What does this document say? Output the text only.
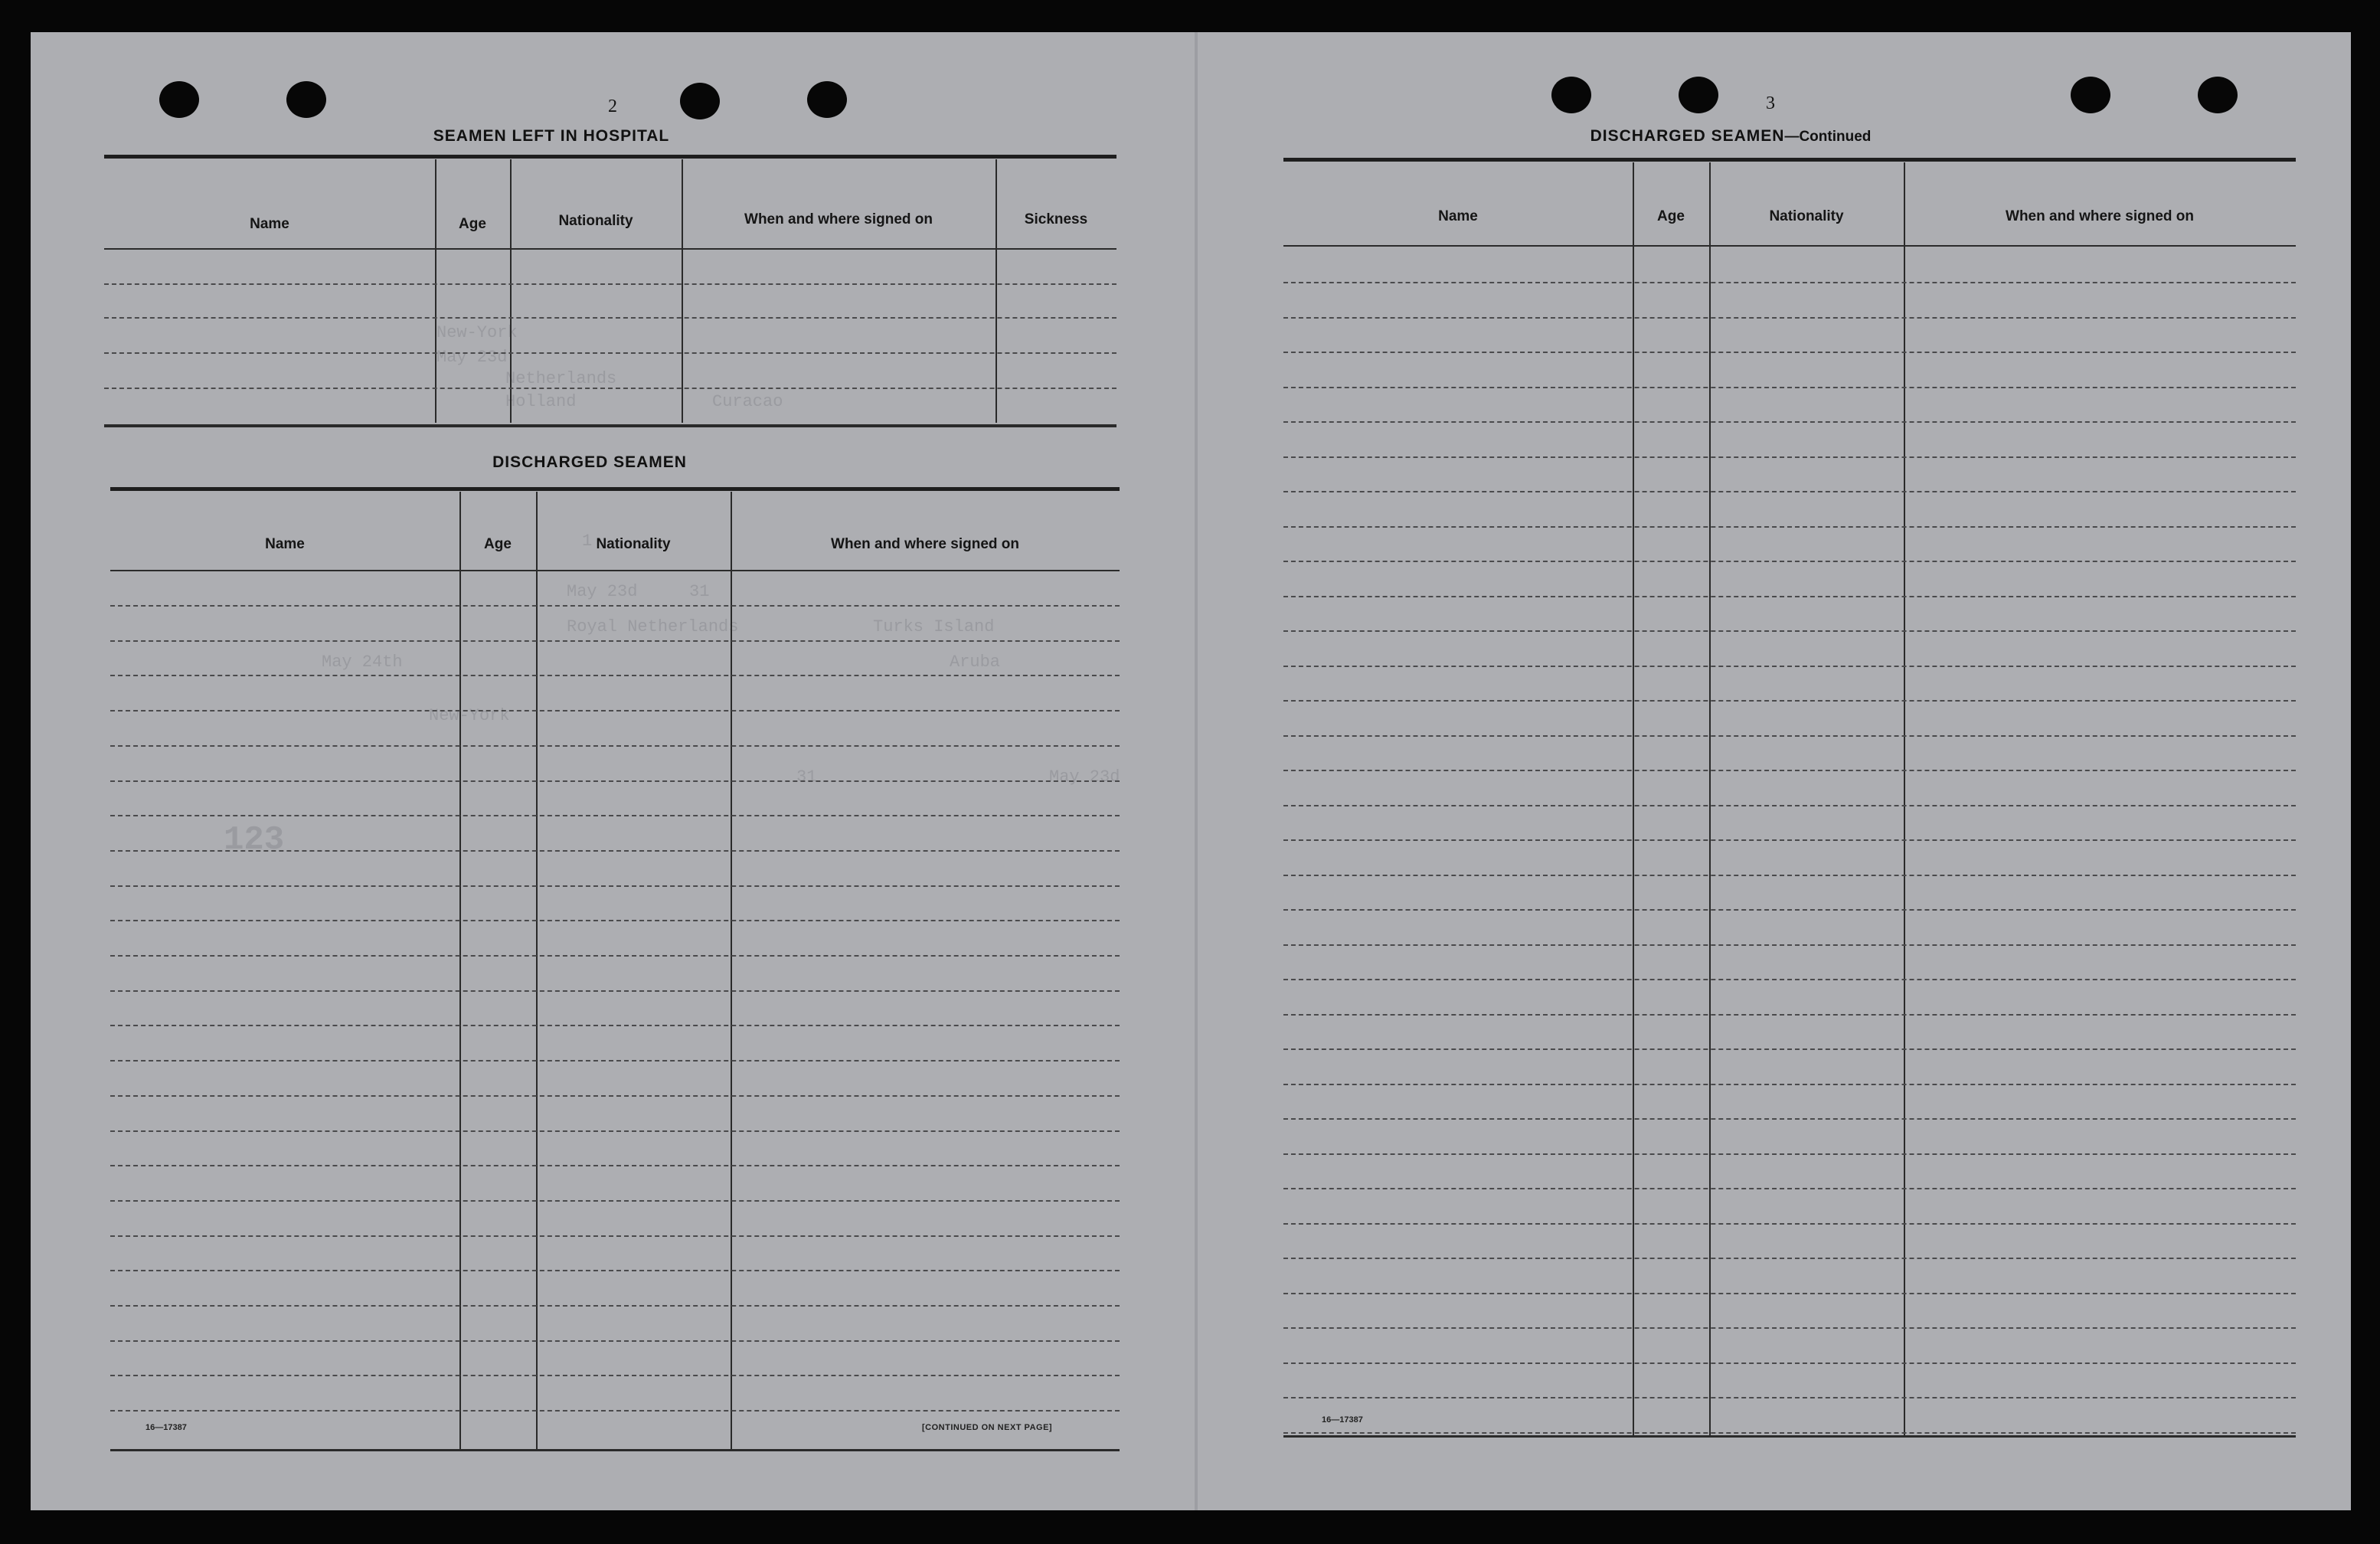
2
New-York
May 23d
Netherlands
Holland	Curacao
1
May 23d	31
Royal Netherlands	Turks Island
May 24th	Aruba
New-York
May 23d
31
123
SEAMEN LEFT IN HOSPITAL
Name	Age	Nationality	When and where signed on	Sickness
DISCHARGED SEAMEN
Name	Age	Nationality	When and where signed on
16—17387	[CONTINUED ON NEXT PAGE]
3
DISCHARGED SEAMEN—Continued
Name	Age	Nationality	When and where signed on
16—17387
